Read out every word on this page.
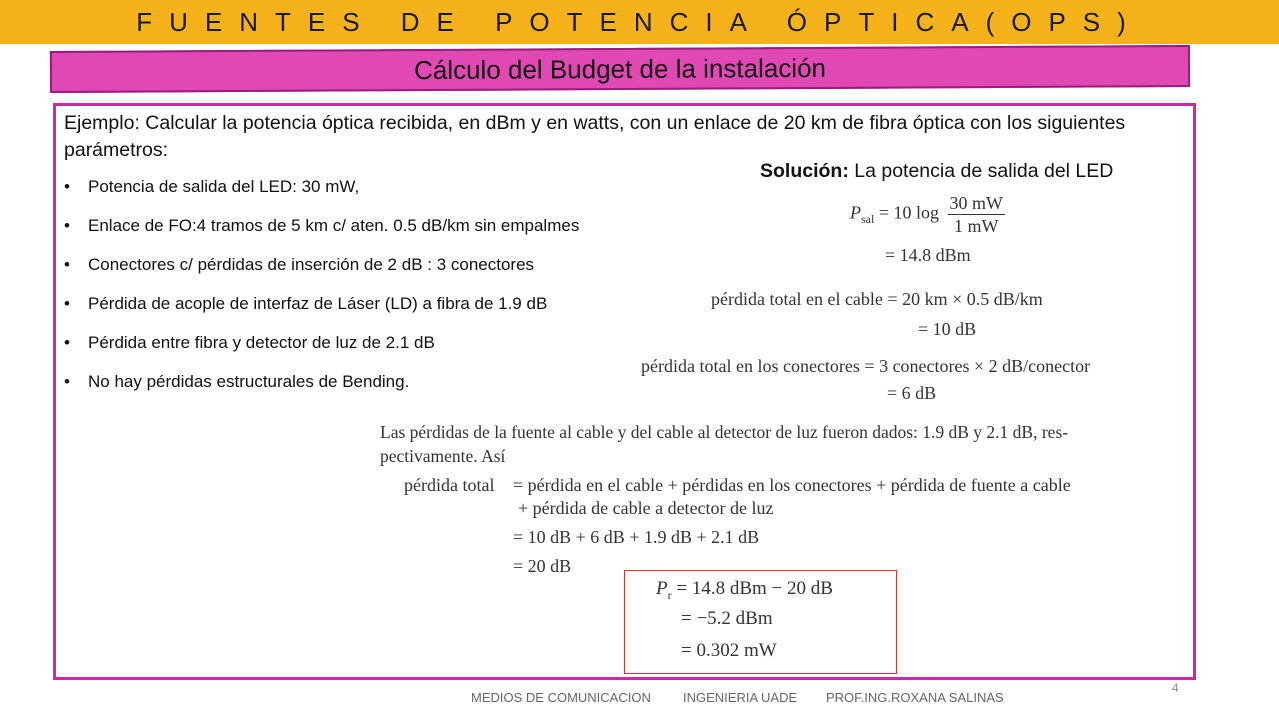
FUENTES DE POTENCIA ÓPTICA(OPS)
Cálculo del Budget de la instalación
Ejemplo: Calcular la potencia óptica recibida, en dBm y en watts, con un enlace de 20 km de fibra óptica con los siguientes parámetros:
• Potencia de salida del LED: 30 mW,
• Enlace de FO:4 tramos de 5 km c/ aten. 0.5 dB/km sin empalmes
• Conectores c/ pérdidas de inserción de 2 dB : 3 conectores
• Pérdida de acople de interfaz de Láser (LD) a fibra de 1.9 dB
• Pérdida entre fibra y detector de luz de 2.1 dB
• No hay pérdidas estructurales de Bending.
Solución: La potencia de salida del LED
$P_{sal} = 10$ $\log \frac{30 mW}{1 mW}$
= 14.8 dBm
pérdida total en el cable = 20 km × 0.5 dB/km
= 10 dB
pérdida total en los conectores = 3 conectores × 2 dB/conector
= 6 dB
Las pérdidas de la fuente al cable y del cable al detector de luz fueron dados: 1.9 dB y 2.1 dB, res-
pectivamente. Así
pérdida total = pérdida en el cable + pérdidas en los conectores + pérdida de fuente a cable
+ pérdida de cable a detector de luz
= 10 dB + 6 dB + 1.9 dB + 2.1 dB
= 20 dB
$P_r = 14.8$ dBm − 20 dB
= −5.2 dBm
= 0.302 mW
MEDIOS DE COMUNICACION INGENIERIA UADE PROF.ING.ROXANA SALINAS
4
